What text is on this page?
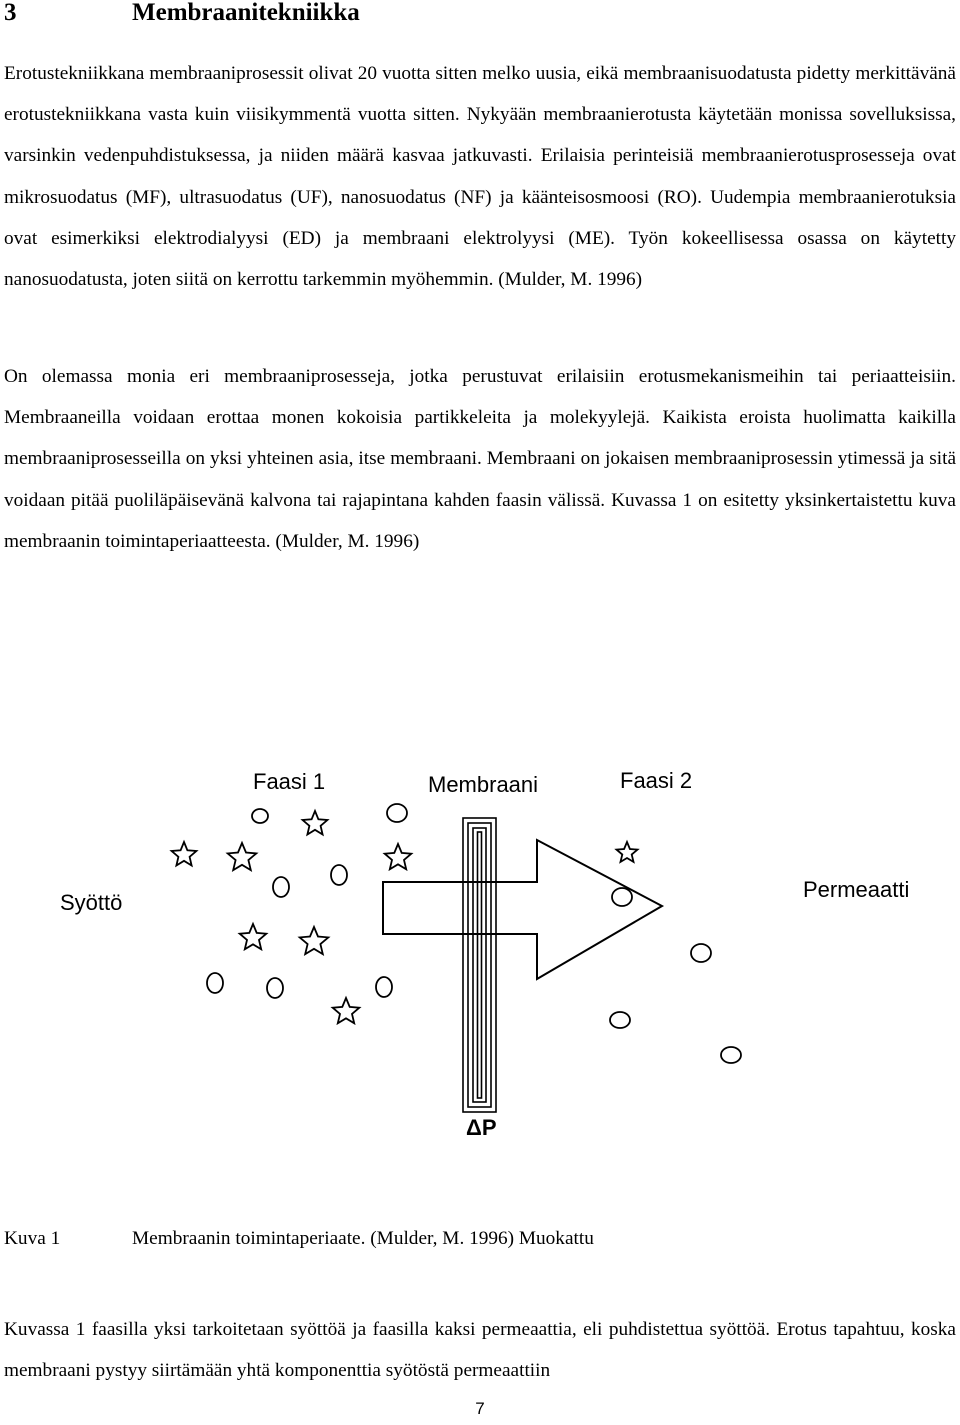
3	Membraanitekniikka

Erotustekniikkana membraaniprosessit olivat 20 vuotta sitten melko uusia, eikä membraanisuodatusta pidetty merkittävänä erotustekniikkana vasta kuin viisikymmentä vuotta sitten. Nykyään membraanierotusta käytetään monissa sovelluksissa, varsinkin vedenpuhdistuksessa, ja niiden määrä kasvaa jatkuvasti. Erilaisia perinteisiä membraanierotusprosesseja ovat mikrosuodatus (MF), ultrasuodatus (UF), nanosuodatus (NF) ja käänteisosmoosi (RO). Uudempia membraanierotuksia ovat esimerkiksi elektrodialyysi (ED) ja membraani elektrolyysi (ME). Työn kokeellisessa osassa on käytetty nanosuodatusta, joten siitä on kerrottu tarkemmin myöhemmin. (Mulder, M. 1996)

On olemassa monia eri membraaniprosesseja, jotka perustuvat erilaisiin erotusmekanismeihin tai periaatteisiin. Membraaneilla voidaan erottaa monen kokoisia partikkeleita ja molekyylejä. Kaikista eroista huolimatta kaikilla membraaniprosesseilla on yksi yhteinen asia, itse membraani. Membraani on jokaisen membraaniprosessin ytimessä ja sitä voidaan pitää puoliläpäisevänä kalvona tai rajapintana kahden faasin välissä. Kuvassa 1 on esitetty yksinkertaistettu kuva membraanin toimintaperiaatteesta. (Mulder, M. 1996)

Faasi 1	Membraani	Faasi 2
Syöttö
Permeaatti
ΔP
Kuva 1	Membraanin toimintaperiaate. (Mulder, M. 1996) Muokattu

Kuvassa 1 faasilla yksi tarkoitetaan syöttöä ja faasilla kaksi permeaattia, eli puhdistettua syöttöä. Erotus tapahtuu, koska membraani pystyy siirtämään yhtä komponenttia syötöstä permeaattiin

7
